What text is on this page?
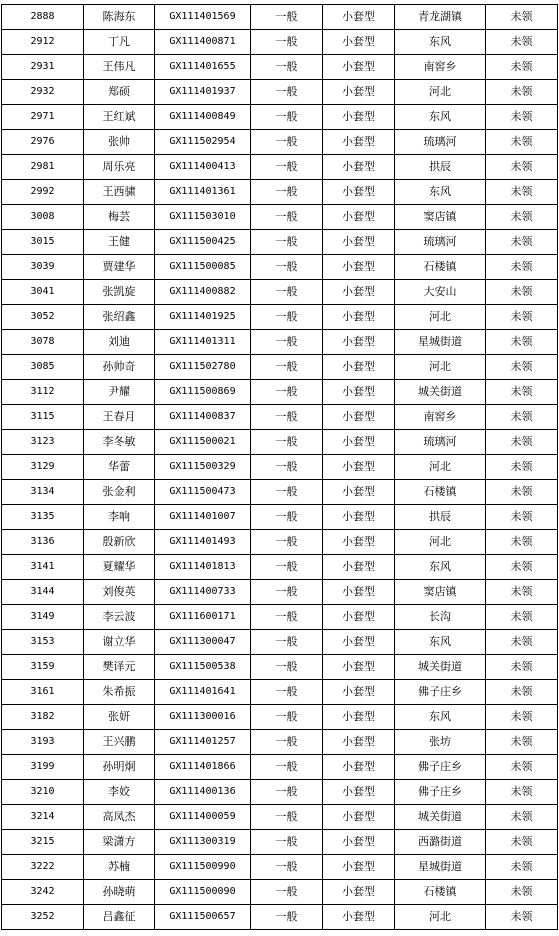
2888	陈海东	GX111401569	一般	小套型	青龙湖镇	未领
2912	丁凡	GX111400871	一般	小套型	东风	未领
2931	王伟凡	GX111401655	一般	小套型	南窖乡	未领
2932	郑硕	GX111401937	一般	小套型	河北	未领
2971	王红斌	GX111400849	一般	小套型	东风	未领
2976	张帅	GX111502954	一般	小套型	琉璃河	未领
2981	周乐亮	GX111400413	一般	小套型	拱辰	未领
2992	王西骕	GX111401361	一般	小套型	东风	未领
3008	梅芸	GX111503010	一般	小套型	窦店镇	未领
3015	王健	GX111500425	一般	小套型	琉璃河	未领
3039	贾建华	GX111500085	一般	小套型	石楼镇	未领
3041	张凯旋	GX111400882	一般	小套型	大安山	未领
3052	张绍鑫	GX111401925	一般	小套型	河北	未领
3078	刘迪	GX111401311	一般	小套型	星城街道	未领
3085	孙帅奇	GX111502780	一般	小套型	河北	未领
3112	尹耀	GX111500869	一般	小套型	城关街道	未领
3115	王春月	GX111400837	一般	小套型	南窖乡	未领
3123	李冬敏	GX111500021	一般	小套型	琉璃河	未领
3129	华蕾	GX111500329	一般	小套型	河北	未领
3134	张金利	GX111500473	一般	小套型	石楼镇	未领
3135	李响	GX111401007	一般	小套型	拱辰	未领
3136	殷新欣	GX111401493	一般	小套型	河北	未领
3141	夏耀华	GX111401813	一般	小套型	东风	未领
3144	刘俊英	GX111400733	一般	小套型	窦店镇	未领
3149	李云波	GX111600171	一般	小套型	长沟	未领
3153	谢立华	GX111300047	一般	小套型	东风	未领
3159	樊译元	GX111500538	一般	小套型	城关街道	未领
3161	朱希振	GX111401641	一般	小套型	佛子庄乡	未领
3182	张妍	GX111300016	一般	小套型	东风	未领
3193	王兴鹏	GX111401257	一般	小套型	张坊	未领
3199	孙明炯	GX111401866	一般	小套型	佛子庄乡	未领
3210	李姣	GX111400136	一般	小套型	佛子庄乡	未领
3214	高凤杰	GX111400059	一般	小套型	城关街道	未领
3215	梁潇方	GX111300319	一般	小套型	西潞街道	未领
3222	苏楠	GX111500990	一般	小套型	星城街道	未领
3242	孙晓萌	GX111500090	一般	小套型	石楼镇	未领
3252	吕鑫征	GX111500657	一般	小套型	河北	未领
